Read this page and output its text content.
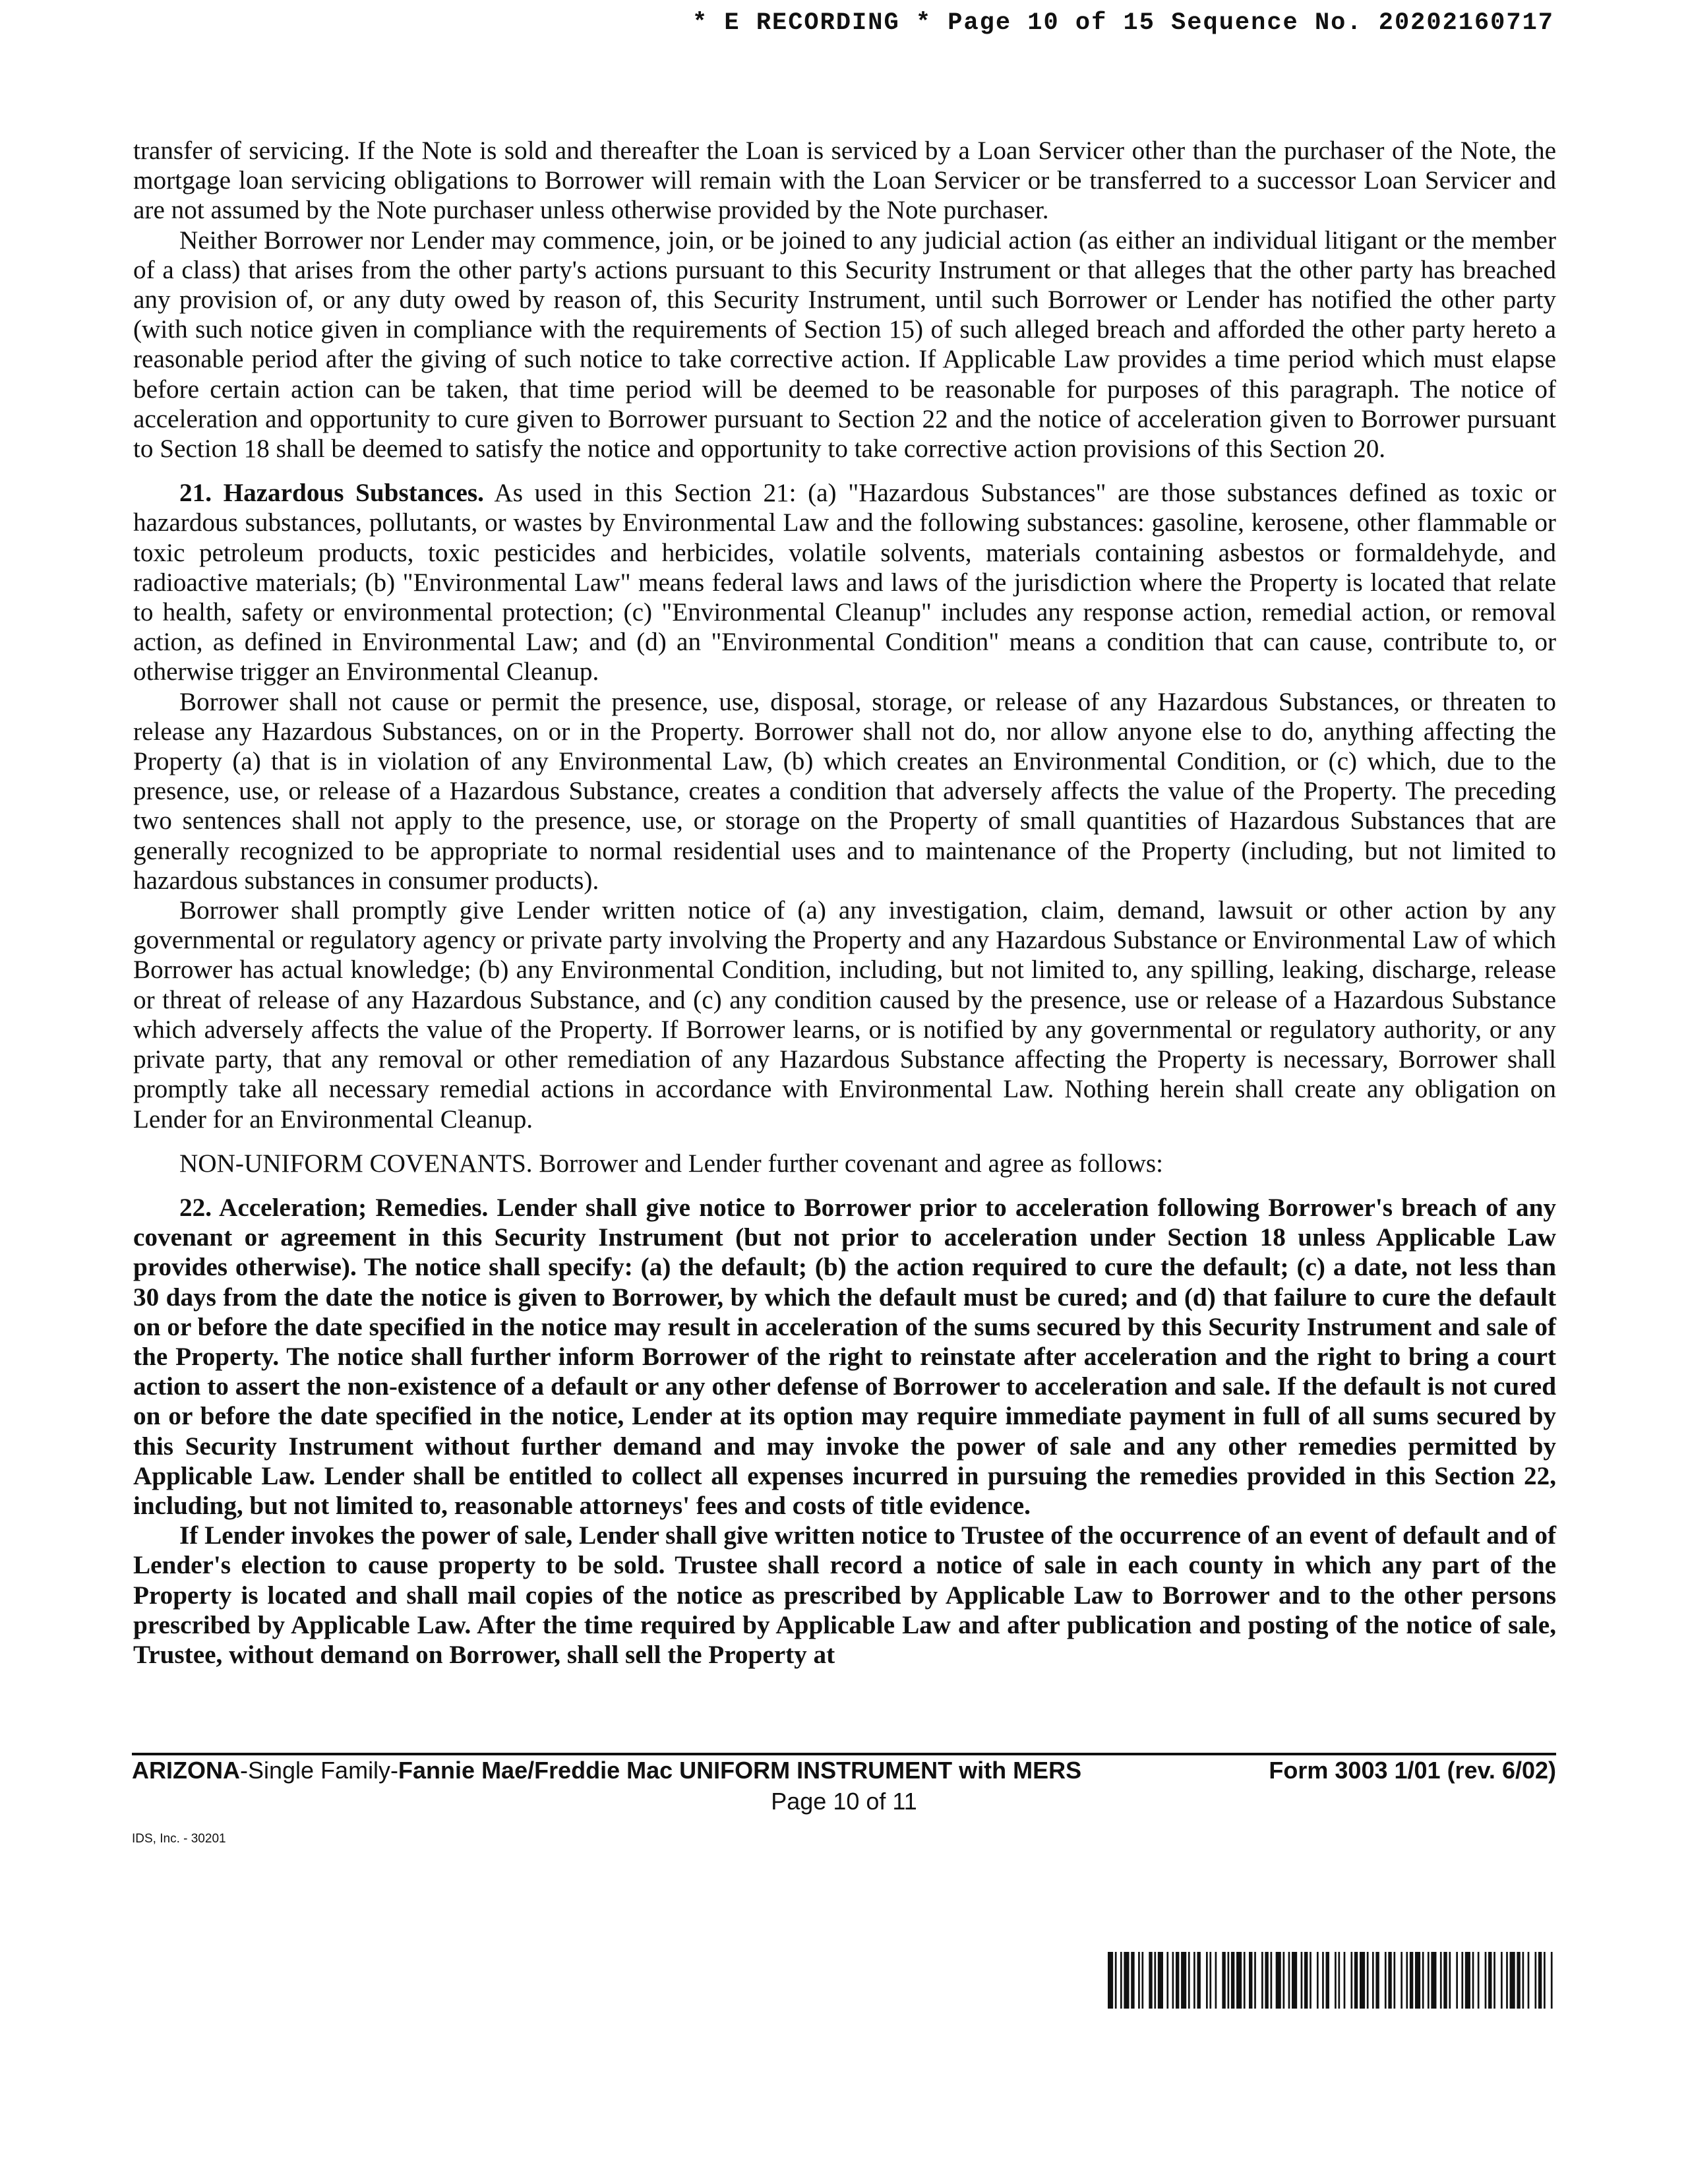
* E RECORDING * Page 10 of 15 Sequence No. 20202160717

transfer of servicing. If the Note is sold and thereafter the Loan is serviced by a Loan Servicer other than the purchaser of the Note, the mortgage loan servicing obligations to Borrower will remain with the Loan Servicer or be transferred to a successor Loan Servicer and are not assumed by the Note purchaser unless otherwise provided by the Note purchaser.

Neither Borrower nor Lender may commence, join, or be joined to any judicial action (as either an individual litigant or the member of a class) that arises from the other party's actions pursuant to this Security Instrument or that alleges that the other party has breached any provision of, or any duty owed by reason of, this Security Instrument, until such Borrower or Lender has notified the other party (with such notice given in compliance with the requirements of Section 15) of such alleged breach and afforded the other party hereto a reasonable period after the giving of such notice to take corrective action. If Applicable Law provides a time period which must elapse before certain action can be taken, that time period will be deemed to be reasonable for purposes of this paragraph. The notice of acceleration and opportunity to cure given to Borrower pursuant to Section 22 and the notice of acceleration given to Borrower pursuant to Section 18 shall be deemed to satisfy the notice and opportunity to take corrective action provisions of this Section 20.

21. Hazardous Substances. As used in this Section 21: (a) "Hazardous Substances" are those substances defined as toxic or hazardous substances, pollutants, or wastes by Environmental Law and the following substances: gasoline, kerosene, other flammable or toxic petroleum products, toxic pesticides and herbicides, volatile solvents, materials containing asbestos or formaldehyde, and radioactive materials; (b) "Environmental Law" means federal laws and laws of the jurisdiction where the Property is located that relate to health, safety or environmental protection; (c) "Environmental Cleanup" includes any response action, remedial action, or removal action, as defined in Environmental Law; and (d) an "Environmental Condition" means a condition that can cause, contribute to, or otherwise trigger an Environmental Cleanup.

Borrower shall not cause or permit the presence, use, disposal, storage, or release of any Hazardous Substances, or threaten to release any Hazardous Substances, on or in the Property. Borrower shall not do, nor allow anyone else to do, anything affecting the Property (a) that is in violation of any Environmental Law, (b) which creates an Environmental Condition, or (c) which, due to the presence, use, or release of a Hazardous Substance, creates a condition that adversely affects the value of the Property. The preceding two sentences shall not apply to the presence, use, or storage on the Property of small quantities of Hazardous Substances that are generally recognized to be appropriate to normal residential uses and to maintenance of the Property (including, but not limited to hazardous substances in consumer products).

Borrower shall promptly give Lender written notice of (a) any investigation, claim, demand, lawsuit or other action by any governmental or regulatory agency or private party involving the Property and any Hazardous Substance or Environmental Law of which Borrower has actual knowledge; (b) any Environmental Condition, including, but not limited to, any spilling, leaking, discharge, release or threat of release of any Hazardous Substance, and (c) any condition caused by the presence, use or release of a Hazardous Substance which adversely affects the value of the Property. If Borrower learns, or is notified by any governmental or regulatory authority, or any private party, that any removal or other remediation of any Hazardous Substance affecting the Property is necessary, Borrower shall promptly take all necessary remedial actions in accordance with Environmental Law. Nothing herein shall create any obligation on Lender for an Environmental Cleanup.

NON-UNIFORM COVENANTS. Borrower and Lender further covenant and agree as follows:

22. Acceleration; Remedies. Lender shall give notice to Borrower prior to acceleration following Borrower's breach of any covenant or agreement in this Security Instrument (but not prior to acceleration under Section 18 unless Applicable Law provides otherwise). The notice shall specify: (a) the default; (b) the action required to cure the default; (c) a date, not less than 30 days from the date the notice is given to Borrower, by which the default must be cured; and (d) that failure to cure the default on or before the date specified in the notice may result in acceleration of the sums secured by this Security Instrument and sale of the Property. The notice shall further inform Borrower of the right to reinstate after acceleration and the right to bring a court action to assert the non-existence of a default or any other defense of Borrower to acceleration and sale. If the default is not cured on or before the date specified in the notice, Lender at its option may require immediate payment in full of all sums secured by this Security Instrument without further demand and may invoke the power of sale and any other remedies permitted by Applicable Law. Lender shall be entitled to collect all expenses incurred in pursuing the remedies provided in this Section 22, including, but not limited to, reasonable attorneys' fees and costs of title evidence.

If Lender invokes the power of sale, Lender shall give written notice to Trustee of the occurrence of an event of default and of Lender's election to cause property to be sold. Trustee shall record a notice of sale in each county in which any part of the Property is located and shall mail copies of the notice as prescribed by Applicable Law to Borrower and to the other persons prescribed by Applicable Law. After the time required by Applicable Law and after publication and posting of the notice of sale, Trustee, without demand on Borrower, shall sell the Property at

ARIZONA-Single Family-Fannie Mae/Freddie Mac UNIFORM INSTRUMENT with MERS	Form 3003 1/01 (rev. 6/02)
Page 10 of 11
IDS, Inc. - 30201
